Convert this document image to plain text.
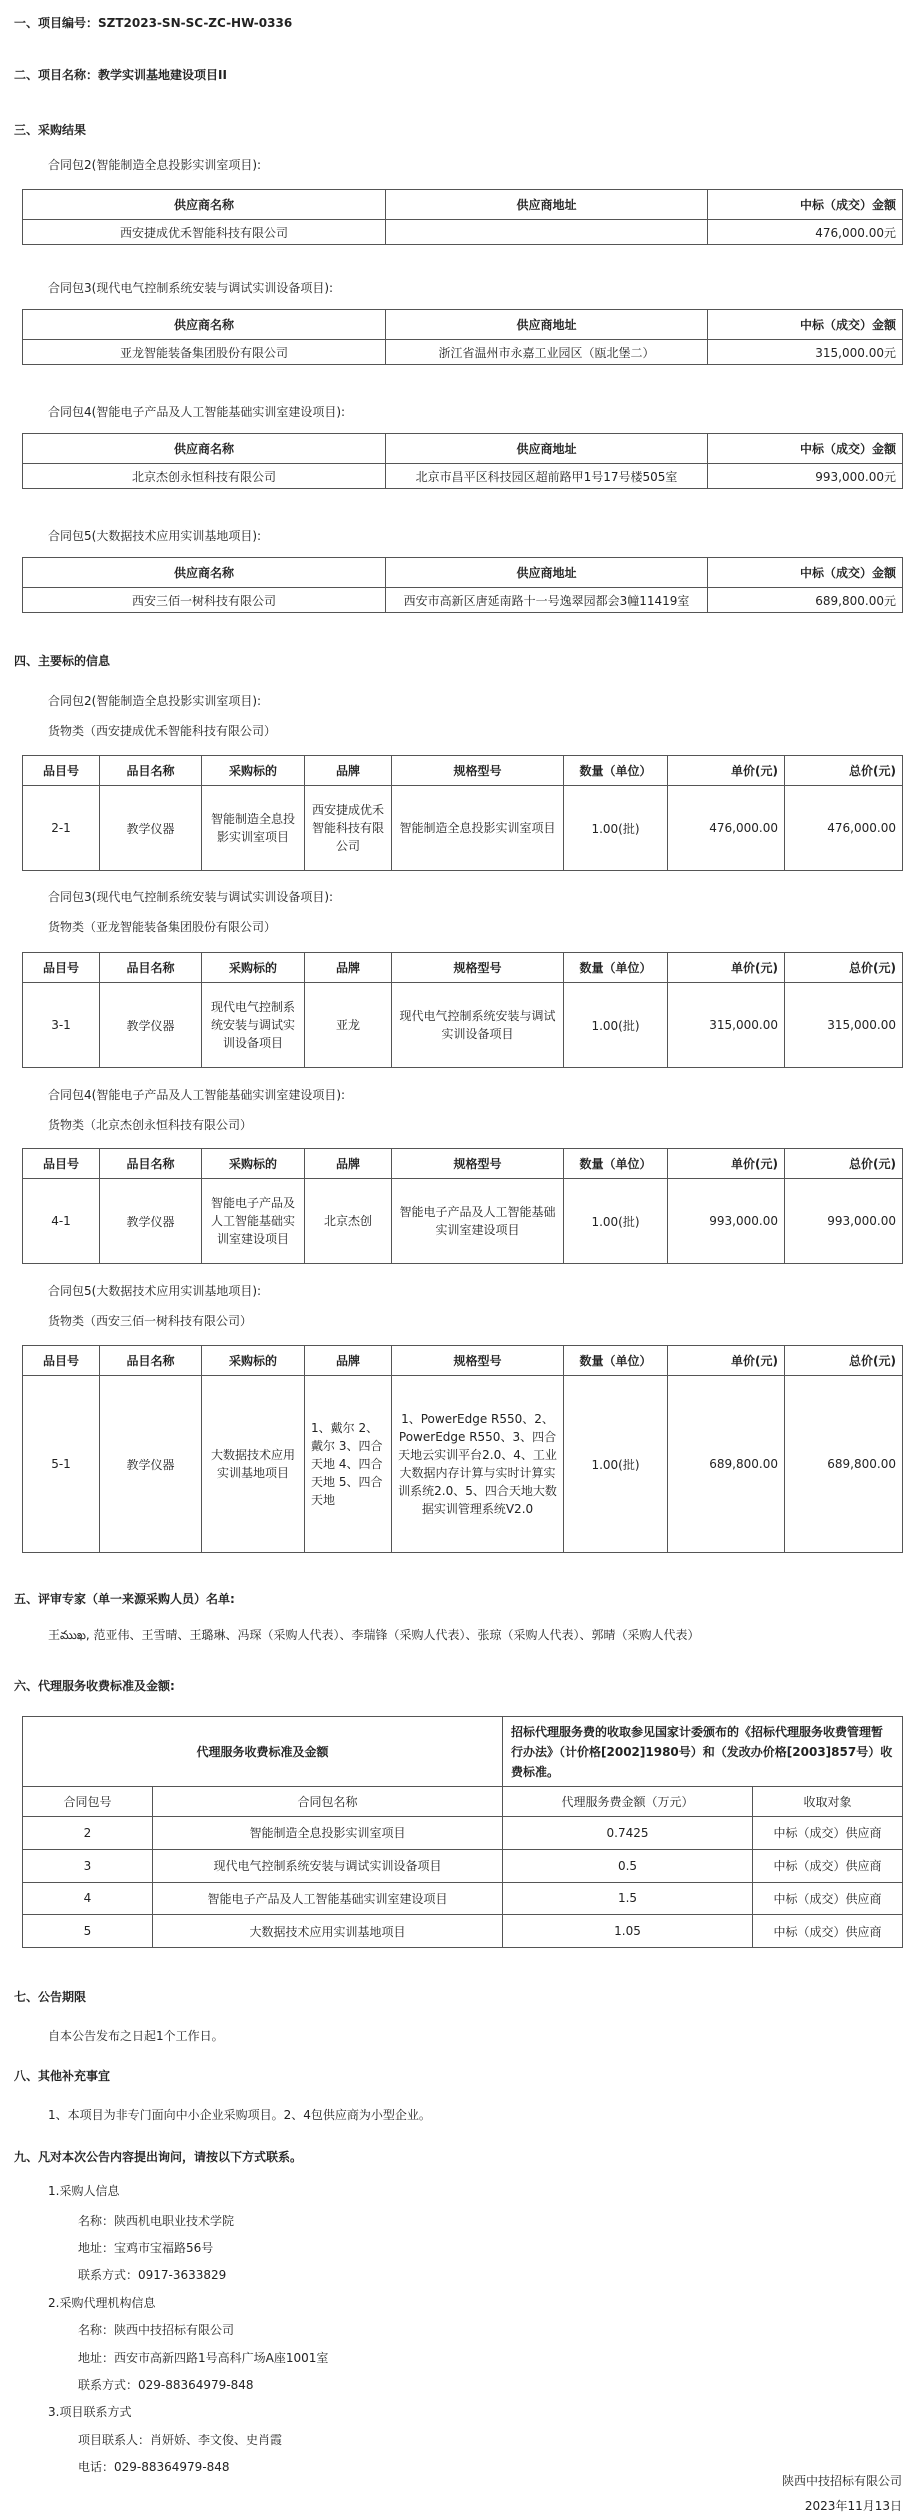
一、项目编号：SZT2023-SN-SC-ZC-HW-0336
二、项目名称：教学实训基地建设项目II
三、采购结果
合同包2(智能制造全息投影实训室项目):
供应商名称	供应商地址	中标（成交）金额
西安捷成优禾智能科技有限公司		476,000.00元
合同包3(现代电气控制系统安装与调试实训设备项目):
供应商名称	供应商地址	中标（成交）金额
亚龙智能装备集团股份有限公司	浙江省温州市永嘉工业园区（瓯北堡二）	315,000.00元
合同包4(智能电子产品及人工智能基础实训室建设项目):
供应商名称	供应商地址	中标（成交）金额
北京杰创永恒科技有限公司	北京市昌平区科技园区超前路甲1号17号楼505室	993,000.00元
合同包5(大数据技术应用实训基地项目):
供应商名称	供应商地址	中标（成交）金额
西安三佰一树科技有限公司	西安市高新区唐延南路十一号逸翠园都会3幢11419室	689,800.00元
四、主要标的信息
合同包2(智能制造全息投影实训室项目):
货物类（西安捷成优禾智能科技有限公司）
品目号	品目名称	采购标的	品牌	规格型号	数量（单位）	单价(元)	总价(元)
2-1	教学仪器	智能制造全息投影实训室项目	西安捷成优禾智能科技有限公司	智能制造全息投影实训室项目	1.00(批)	476,000.00	476,000.00
合同包3(现代电气控制系统安装与调试实训设备项目):
货物类（亚龙智能装备集团股份有限公司）
品目号	品目名称	采购标的	品牌	规格型号	数量（单位）	单价(元)	总价(元)
3-1	教学仪器	现代电气控制系统安装与调试实训设备项目	亚龙	现代电气控制系统安装与调试实训设备项目	1.00(批)	315,000.00	315,000.00
合同包4(智能电子产品及人工智能基础实训室建设项目):
货物类（北京杰创永恒科技有限公司）
品目号	品目名称	采购标的	品牌	规格型号	数量（单位）	单价(元)	总价(元)
4-1	教学仪器	智能电子产品及人工智能基础实训室建设项目	北京杰创	智能电子产品及人工智能基础实训室建设项目	1.00(批)	993,000.00	993,000.00
合同包5(大数据技术应用实训基地项目):
货物类（西安三佰一树科技有限公司）
品目号	品目名称	采购标的	品牌	规格型号	数量（单位）	单价(元)	总价(元)
5-1	教学仪器	大数据技术应用实训基地项目	1、戴尔 2、戴尔 3、四合天地 4、四合天地 5、四合天地	1、PowerEdge R550、2、PowerEdge R550、3、四合天地云实训平台2.0、4、工业大数据内存计算与实时计算实训系统2.0、5、四合天地大数据实训管理系统V2.0	1.00(批)	689,800.00	689,800.00
五、评审专家（单一来源采购人员）名单:
王ముఖ, 范亚伟、王雪晴、王璐琳、冯琛（采购人代表）、李瑞锋（采购人代表）、张琼（采购人代表）、郭晴（采购人代表）
六、代理服务收费标准及金额:
代理服务收费标准及金额		招标代理服务费的收取参见国家计委颁布的《招标代理服务收费管理暂行办法》（计价格[2002]1980号）和（发改办价格[2003]857号）收费标准。	
合同包号	合同包名称	代理服务费金额（万元）	收取对象
2	智能制造全息投影实训室项目	0.7425	中标（成交）供应商
3	现代电气控制系统安装与调试实训设备项目	0.5	中标（成交）供应商
4	智能电子产品及人工智能基础实训室建设项目	1.5	中标（成交）供应商
5	大数据技术应用实训基地项目	1.05	中标（成交）供应商
七、公告期限
自本公告发布之日起1个工作日。
八、其他补充事宜
1、本项目为非专门面向中小企业采购项目。2、4包供应商为小型企业。
九、凡对本次公告内容提出询问，请按以下方式联系。
1.采购人信息
名称：陕西机电职业技术学院
地址：宝鸡市宝福路56号
联系方式：0917-3633829
2.采购代理机构信息
名称：陕西中技招标有限公司
地址：西安市高新四路1号高科广场A座1001室
联系方式：029-88364979-848
3.项目联系方式
项目联系人：肖妍娇、李文俊、史肖霞
电话：029-88364979-848
陕西中技招标有限公司
2023年11月13日
